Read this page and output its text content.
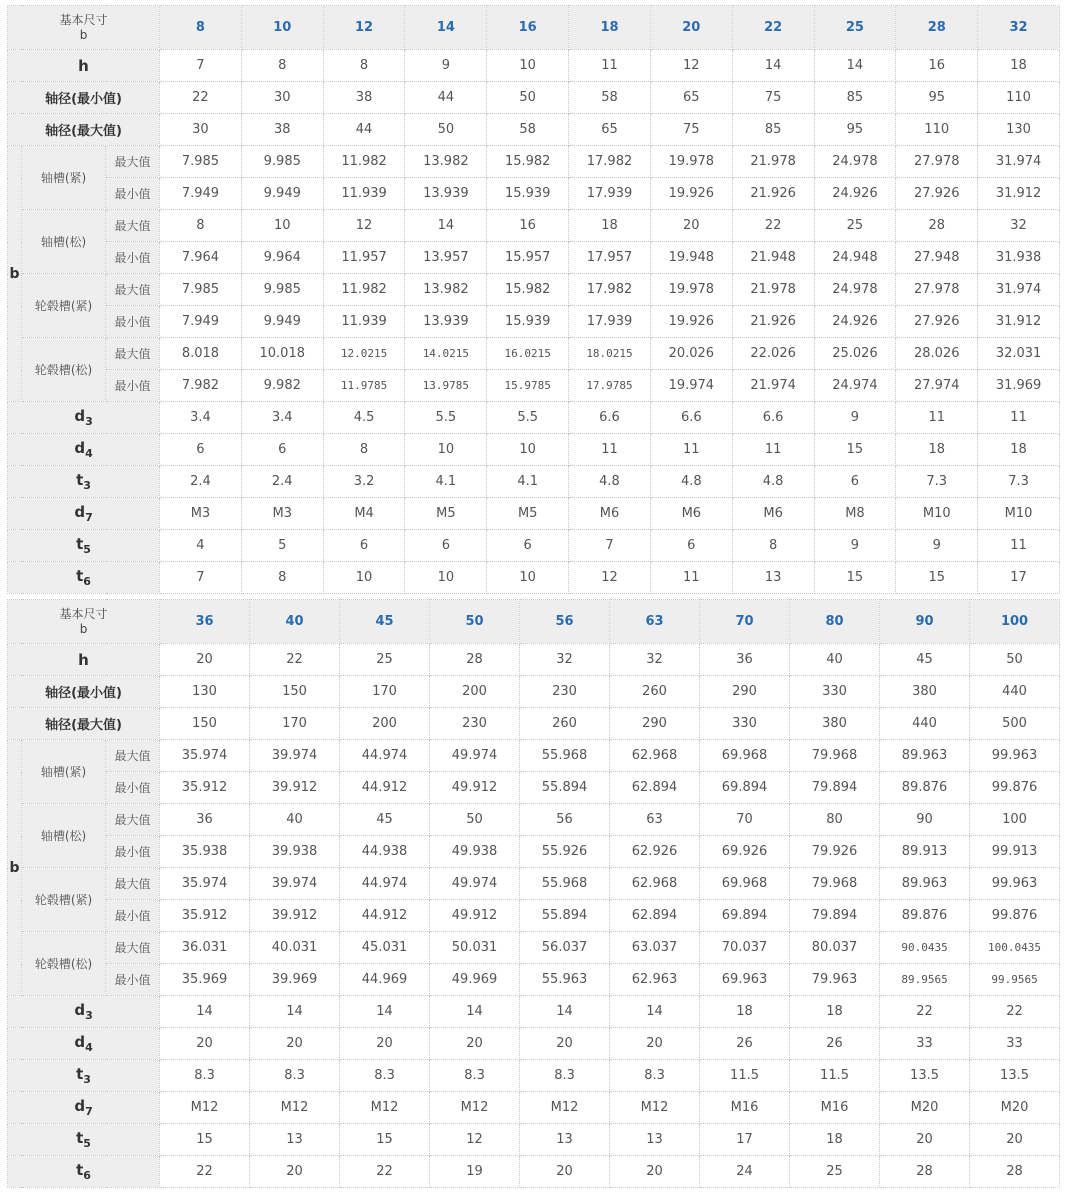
基本尺寸
b			8	10	12	14	16	18	20	22	25	28	32
h			7	8	8	9	10	11	12	14	14	16	18
轴径(最小值)			22	30	38	44	50	58	65	75	85	95	110
轴径(最大值)			30	38	44	50	58	65	75	85	95	110	130
b	轴槽(紧)	最大值	7.985	9.985	11.982	13.982	15.982	17.982	19.978	21.978	24.978	27.978	31.974
		最小值	7.949	9.949	11.939	13.939	15.939	17.939	19.926	21.926	24.926	27.926	31.912
	轴槽(松)	最大值	8	10	12	14	16	18	20	22	25	28	32
		最小值	7.964	9.964	11.957	13.957	15.957	17.957	19.948	21.948	24.948	27.948	31.938
	轮毂槽(紧)	最大值	7.985	9.985	11.982	13.982	15.982	17.982	19.978	21.978	24.978	27.978	31.974
		最小值	7.949	9.949	11.939	13.939	15.939	17.939	19.926	21.926	24.926	27.926	31.912
	轮毂槽(松)	最大值	8.018	10.018	12.0215	14.0215	16.0215	18.0215	20.026	22.026	25.026	28.026	32.031
		最小值	7.982	9.982	11.9785	13.9785	15.9785	17.9785	19.974	21.974	24.974	27.974	31.969
$d_3$			3.4	3.4	4.5	5.5	5.5	6.6	6.6	6.6	9	11	11
$d_4$			6	6	8	10	10	11	11	11	15	18	18
$t_3$			2.4	2.4	3.2	4.1	4.1	4.8	4.8	4.8	6	7.3	7.3
$d_7$			M3	M3	M4	M5	M5	M6	M6	M6	M8	M10	M10
$t_5$			4	5	6	6	6	7	6	8	9	9	11
$t_6$			7	8	10	10	10	12	11	13	15	15	17
基本尺寸
b			36	40	45	50	56	63	70	80	90	100
h			20	22	25	28	32	32	36	40	45	50
轴径(最小值)			130	150	170	200	230	260	290	330	380	440
轴径(最大值)			150	170	200	230	260	290	330	380	440	500
b	轴槽(紧)	最大值	35.974	39.974	44.974	49.974	55.968	62.968	69.968	79.968	89.963	99.963
		最小值	35.912	39.912	44.912	49.912	55.894	62.894	69.894	79.894	89.876	99.876
	轴槽(松)	最大值	36	40	45	50	56	63	70	80	90	100
		最小值	35.938	39.938	44.938	49.938	55.926	62.926	69.926	79.926	89.913	99.913
	轮毂槽(紧)	最大值	35.974	39.974	44.974	49.974	55.968	62.968	69.968	79.968	89.963	99.963
		最小值	35.912	39.912	44.912	49.912	55.894	62.894	69.894	79.894	89.876	99.876
	轮毂槽(松)	最大值	36.031	40.031	45.031	50.031	56.037	63.037	70.037	80.037	90.0435	100.0435
		最小值	35.969	39.969	44.969	49.969	55.963	62.963	69.963	79.963	89.9565	99.9565
$d_3$			14	14	14	14	14	14	18	18	22	22
$d_4$			20	20	20	20	20	20	26	26	33	33
$t_3$			8.3	8.3	8.3	8.3	8.3	8.3	11.5	11.5	13.5	13.5
$d_7$			M12	M12	M12	M12	M12	M12	M16	M16	M20	M20
$t_5$			15	13	15	12	13	13	17	18	20	20
$t_6$			22	20	22	19	20	20	24	25	28	28
